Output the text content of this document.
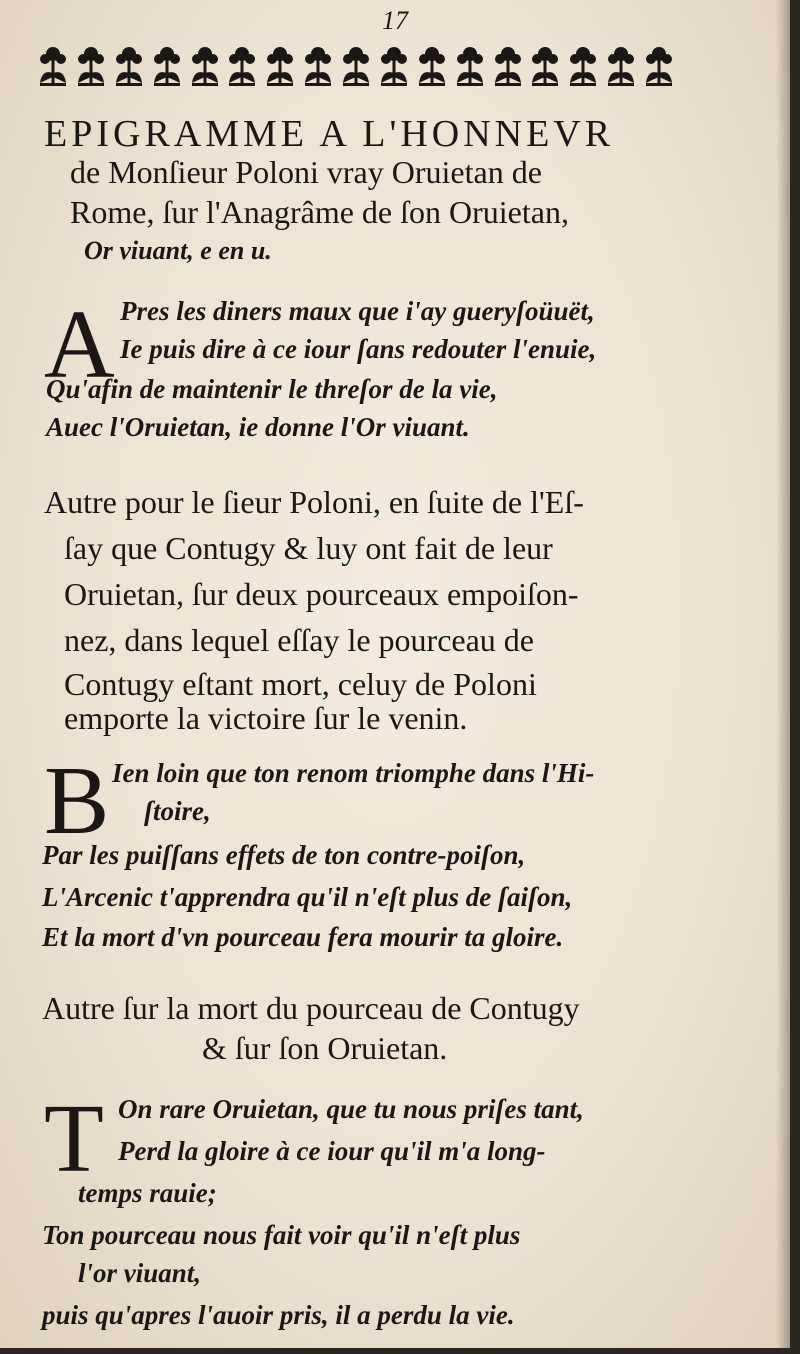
17
EPIGRAMME A L'HONNEVR
de Monſieur Poloni vray Oruietan de
Rome, ſur l'Anagrâme de ſon Oruietan,
Or viuant, e en u.
A Pres les diners maux que i'ay gueryſoüuët,
Ie puis dire à ce iour ſans redouter l'enuie,
Qu'afin de maintenir le threſor de la vie,
Auec l'Oruietan, ie donne l'Or viuant.
Autre pour le ſieur Poloni, en ſuite de l'Eſ-
ſay que Contugy & luy ont fait de leur
Oruietan, ſur deux pourceaux empoiſon-
nez, dans lequel eſſay le pourceau de
Contugy eſtant mort, celuy de Poloni
emporte la victoire ſur le venin.
B Ien loin que ton renom triomphe dans l'Hi-
ſtoire,
Par les puiſſans effets de ton contre-poiſon,
L'Arcenic t'apprendra qu'il n'eſt plus de ſaiſon,
Et la mort d'vn pourceau fera mourir ta gloire.
Autre ſur la mort du pourceau de Contugy
& ſur ſon Oruietan.
T On rare Oruietan, que tu nous priſes tant,
Perd la gloire à ce iour qu'il m'a long-
temps rauie;
Ton pourceau nous fait voir qu'il n'eſt plus
l'or viuant,
puis qu'apres l'auoir pris, il a perdu la vie.
